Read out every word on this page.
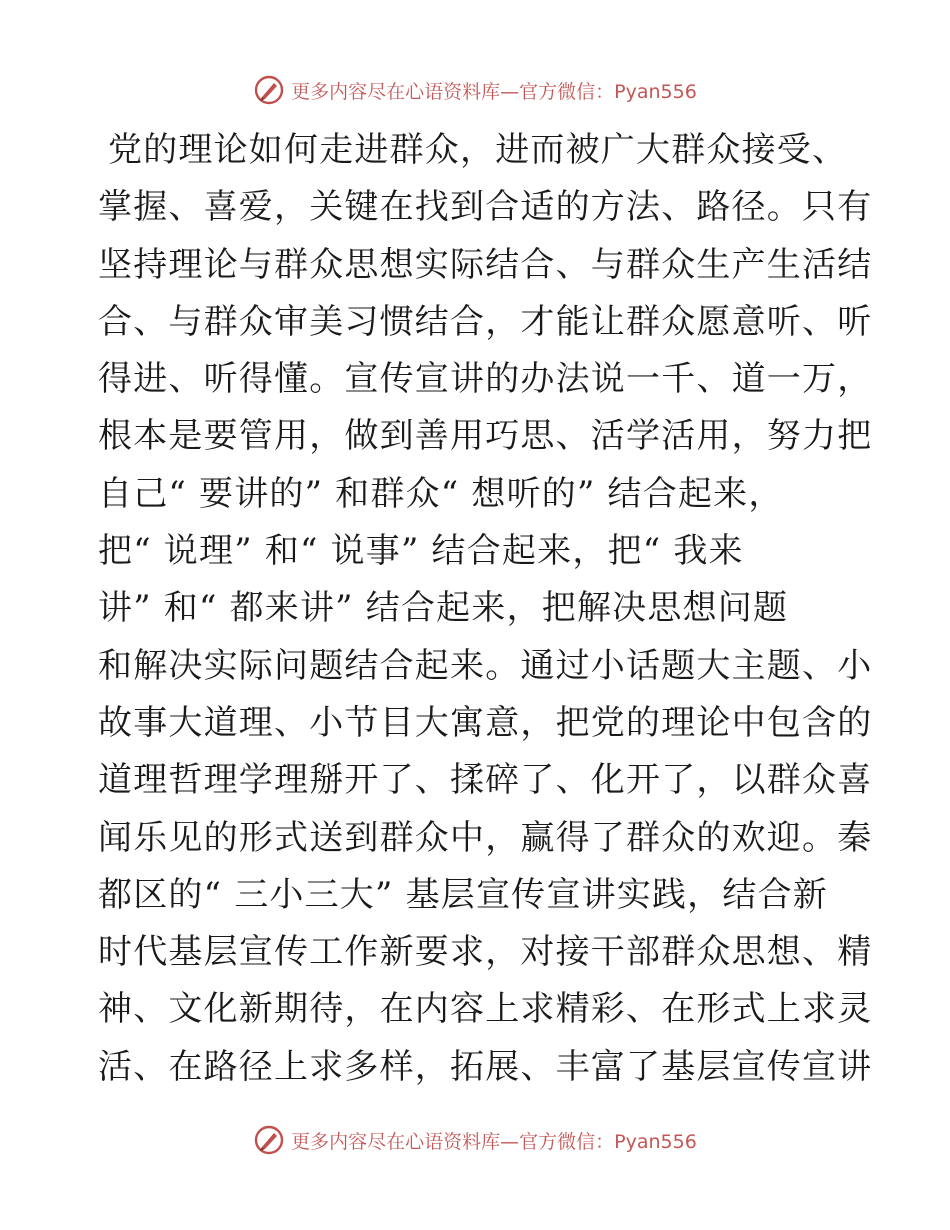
更多内容尽在心语资料库—官方微信：Pyan556
党的理论如何走进群众，进而被广大群众接受、
掌握、喜爱，关键在找到合适的方法、路径。只有
坚持理论与群众思想实际结合、与群众生产生活结
合、与群众审美习惯结合，才能让群众愿意听、听
得进、听得懂。宣传宣讲的办法说一千、道一万，
根本是要管用，做到善用巧思、活学活用，努力把
自己“ 要讲的” 和群众“ 想听的” 结合起来，
把“ 说理” 和“ 说事” 结合起来，把“ 我来
讲” 和“ 都来讲” 结合起来，把解决思想问题
和解决实际问题结合起来。通过小话题大主题、小
故事大道理、小节目大寓意，把党的理论中包含的
道理哲理学理掰开了、揉碎了、化开了，以群众喜
闻乐见的形式送到群众中，赢得了群众的欢迎。秦
都区的“ 三小三大” 基层宣传宣讲实践，结合新
时代基层宣传工作新要求，对接干部群众思想、精
神、文化新期待，在内容上求精彩、在形式上求灵
活、在路径上求多样，拓展、丰富了基层宣传宣讲
更多内容尽在心语资料库—官方微信：Pyan556
